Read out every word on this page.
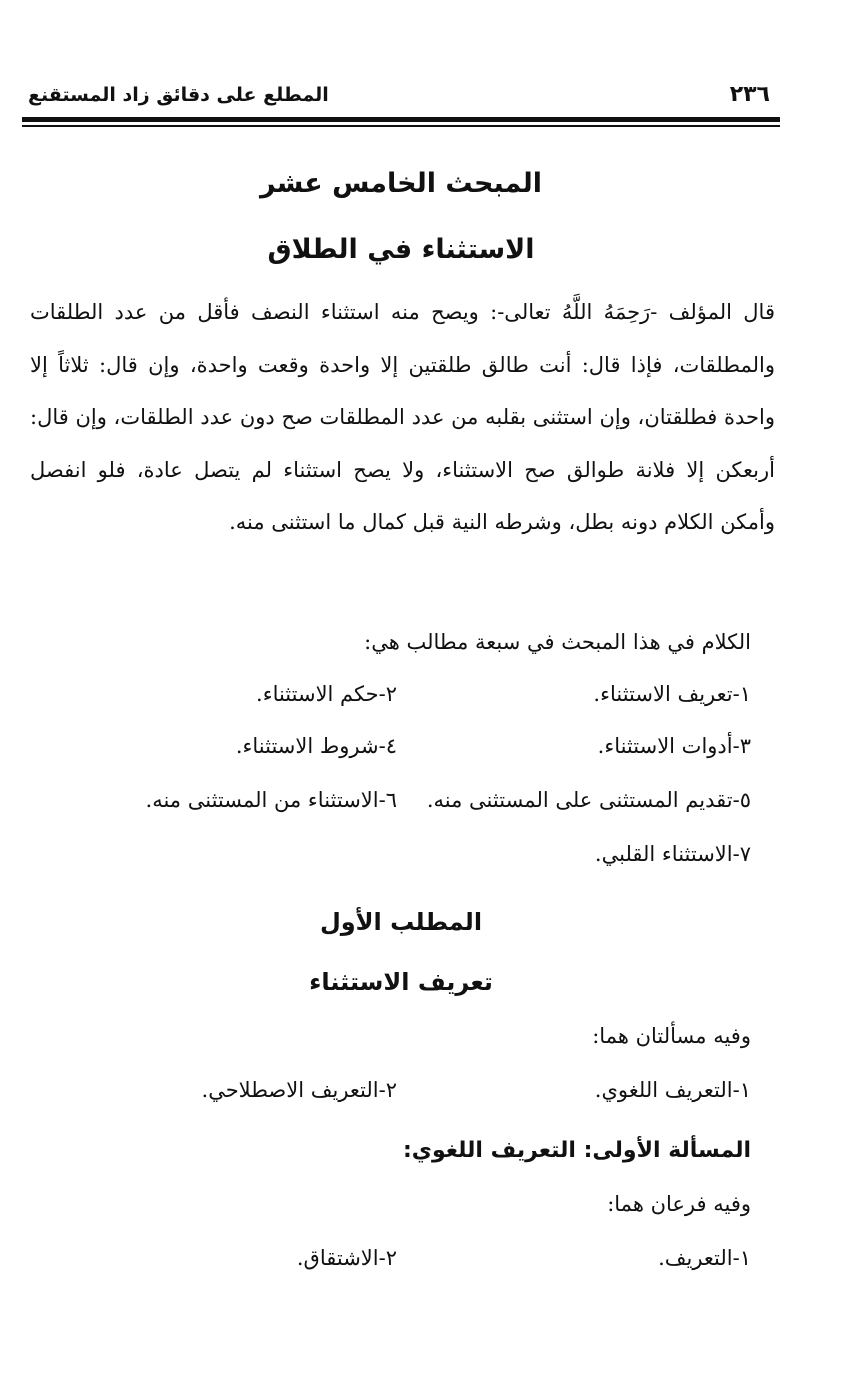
٢٣٦
المطلع على دقائق زاد المستقنع
المبحث الخامس عشر
الاستثناء في الطلاق
قال المؤلف -رَحِمَهُ اللَّهُ تعالى-: ويصح منه استثناء النصف فأقل من عدد الطلقات والمطلقات، فإذا قال: أنت طالق طلقتين إلا واحدة وقعت واحدة، وإن قال: ثلاثاً إلا واحدة فطلقتان، وإن استثنى بقلبه من عدد المطلقات صح دون عدد الطلقات، وإن قال: أربعكن إلا فلانة طوالق صح الاستثناء، ولا يصح استثناء لم يتصل عادة، فلو انفصل وأمكن الكلام دونه بطل، وشرطه النية قبل كمال ما استثنى منه.
الكلام في هذا المبحث في سبعة مطالب هي:
١-تعريف الاستثناء.
٢-حكم الاستثناء.
٣-أدوات الاستثناء.
٤-شروط الاستثناء.
٥-تقديم المستثنى على المستثنى منه.
٦-الاستثناء من المستثنى منه.
٧-الاستثناء القلبي.
المطلب الأول
تعريف الاستثناء
وفيه مسألتان هما:
١-التعريف اللغوي.
٢-التعريف الاصطلاحي.
المسألة الأولى: التعريف اللغوي:
وفيه فرعان هما:
١-التعريف.
٢-الاشتقاق.
